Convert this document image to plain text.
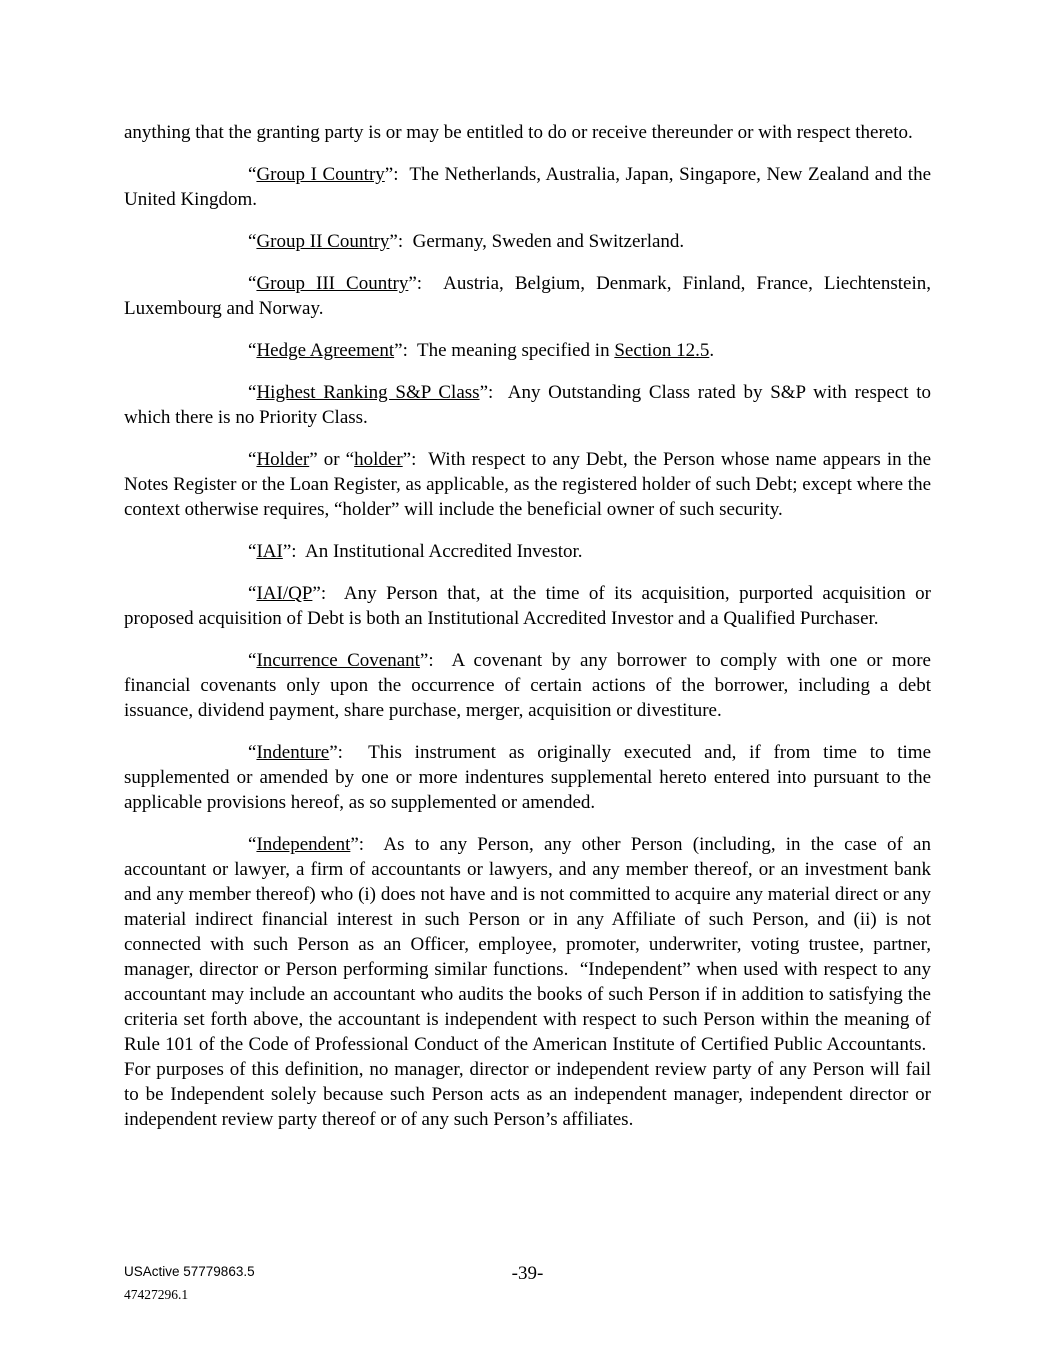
anything that the granting party is or may be entitled to do or receive thereunder or with respect thereto.

“Group I Country”:  The Netherlands, Australia, Japan, Singapore, New Zealand and the United Kingdom.

“Group II Country”:  Germany, Sweden and Switzerland.

“Group III Country”:  Austria, Belgium, Denmark, Finland, France, Liechtenstein, Luxembourg and Norway.

“Hedge Agreement”:  The meaning specified in Section 12.5.

“Highest Ranking S&P Class”:  Any Outstanding Class rated by S&P with respect to which there is no Priority Class.

“Holder” or “holder”:  With respect to any Debt, the Person whose name appears in the Notes Register or the Loan Register, as applicable, as the registered holder of such Debt; except where the context otherwise requires, “holder” will include the beneficial owner of such security.

“IAI”:  An Institutional Accredited Investor.

“IAI/QP”:  Any Person that, at the time of its acquisition, purported acquisition or proposed acquisition of Debt is both an Institutional Accredited Investor and a Qualified Purchaser.

“Incurrence Covenant”:  A covenant by any borrower to comply with one or more financial covenants only upon the occurrence of certain actions of the borrower, including a debt issuance, dividend payment, share purchase, merger, acquisition or divestiture.

“Indenture”:  This instrument as originally executed and, if from time to time supplemented or amended by one or more indentures supplemental hereto entered into pursuant to the applicable provisions hereof, as so supplemented or amended.

“Independent”:  As to any Person, any other Person (including, in the case of an accountant or lawyer, a firm of accountants or lawyers, and any member thereof, or an investment bank and any member thereof) who (i) does not have and is not committed to acquire any material direct or any material indirect financial interest in such Person or in any Affiliate of such Person, and (ii) is not connected with such Person as an Officer, employee, promoter, underwriter, voting trustee, partner, manager, director or Person performing similar functions.  “Independent” when used with respect to any accountant may include an accountant who audits the books of such Person if in addition to satisfying the criteria set forth above, the accountant is independent with respect to such Person within the meaning of Rule 101 of the Code of Professional Conduct of the American Institute of Certified Public Accountants.  For purposes of this definition, no manager, director or independent review party of any Person will fail to be Independent solely because such Person acts as an independent manager, independent director or independent review party thereof or of any such Person’s affiliates.

USActive 57779863.5
47427296.1
-39-
